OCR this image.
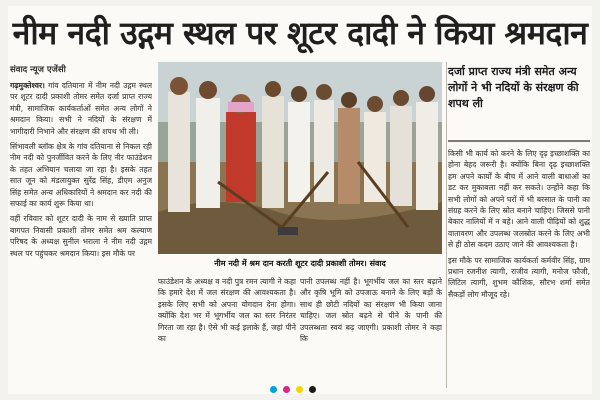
नीम नदी उद्गम स्थल पर शूटर दादी ने किया श्रमदान
संवाद न्यूज एजेंसी
नीम नदी में श्रम दान करती शूटर दादी प्रकाशी तोमर। संवाद

गढ़मुक्तेश्वर। गांव दतियाना में नीम नदी उद्गम स्थल पर शूटर दादी प्रकाशी तोमर समेत दर्जा प्राप्त राज्य मंत्री, सामाजिक कार्यकर्ताओं समेत अन्य लोगों ने श्रमदान किया। सभी ने नदियों के संरक्षण में भागीदारी निभाने और संरक्षण की शपथ भी ली।

सिंभावली ब्लॉक क्षेत्र के गांव दतियाना से निकल रही नीम नदी को पुनर्जीवित करने के लिए नीर फाउंडेशन के तहत अभियान चलाया जा रहा है। इसके तहत सात जून को मंडलायुक्त सुरेंद्र सिंह, डीएम अनुज सिंह समेत अन्य अधिकारियों ने श्रमदान कर नदी की सफाई का कार्य शुरू किया था।

वहीं रविवार को शूटर दादी के नाम से ख्याति प्राप्त बागपत निवासी प्रकाशी तोमर समेत श्रम कल्याण परिषद के अध्यक्ष सुनील भराला ने नीम नदी उद्गम स्थल पर पहुंचकर श्रमदान किया। इस मौके पर

फाउंडेशन के अध्यक्ष व नदी पुत्र रमन त्यागी ने कहा कि हमारे देश में जल संरक्षण की आवश्यकता है। इसके लिए सभी को अपना योगदान देना होगा। क्योंकि देश भर में भूगर्भीय जल का स्तर निरंतर गिरता जा रहा है। ऐसे भी कई इलाके हैं, जहां पीने का

पानी उपलब्ध नहीं है। भूगर्भीय जल का स्तर बढ़ाने और कृषि भूमि को उपजाऊ बनाने के लिए बड़ों के साथ ही छोटी नदियों का संरक्षण भी किया जाना चाहिए। जल स्रोत बढ़ने से पीने के पानी की उपलब्धता स्वयं बढ़ जाएगी। प्रकाशी तोमर ने कहा कि

दर्जा प्राप्त राज्य मंत्री समेत अन्य लोगों ने भी नदियों के संरक्षण की शपथ ली

किसी भी कार्य को करने के लिए दृढ़ इच्छाशक्ति का होना बेहद जरूरी है। क्योंकि बिना दृढ़ इच्छाशक्ति हम अपने कार्यों के बीच में आने वाली बाधाओं का डट कर मुकाबला नहीं कर सकते। उन्होंने कहा कि सभी लोगों को अपने घरों में भी बरसात के पानी का संग्रह करने के लिए स्रोत बनाने चाहिए। जिससे पानी बेकार नालियों में न बहे। आने वाली पीढ़ियों को शुद्ध वातावरण और उपलब्ध जलस्रोत करने के लिए अभी से ही ठोस कदम उठाए जाने की आवश्यकता है।

इस मौके पर सामाजिक कार्यकर्ता कर्मवीर सिंह, ग्राम प्रधान रजनीश त्यागी, राजीव त्यागी, मनोज फौजी, लिटिल त्यागी, शुभम कौशिक, सौरभ शर्मा समेत सैकड़ों लोग मौजूद रहे।
